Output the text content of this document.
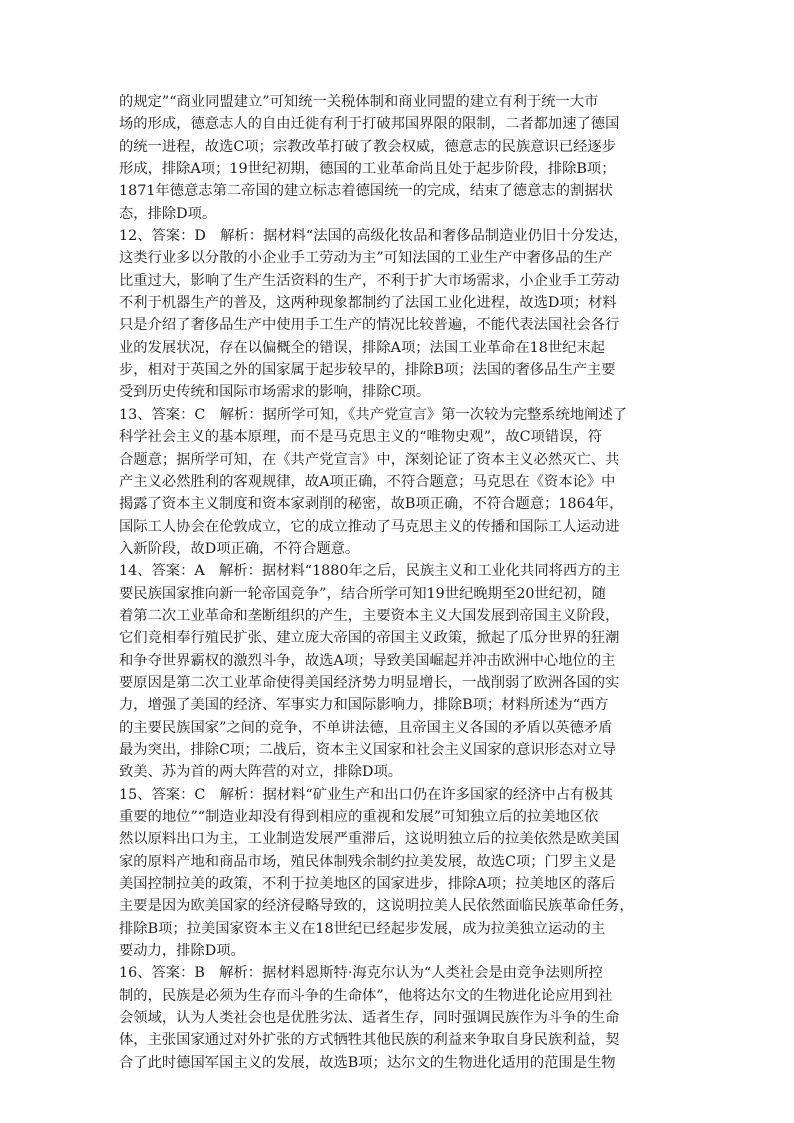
的规定”“商业同盟建立”可知统一关税体制和商业同盟的建立有利于统一大市
场的形成，德意志人的自由迁徙有利于打破邦国界限的限制，二者都加速了德国
的统一进程，故选C项；宗教改革打破了教会权威，德意志的民族意识已经逐步
形成，排除A项；19世纪初期，德国的工业革命尚且处于起步阶段，排除B项；
1871年德意志第二帝国的建立标志着德国统一的完成，结束了德意志的割据状
态，排除D项。
12、答案：D　解析：据材料“法国的高级化妆品和奢侈品制造业仍旧十分发达，
这类行业多以分散的小企业手工劳动为主”可知法国的工业生产中奢侈品的生产
比重过大，影响了生产生活资料的生产，不利于扩大市场需求，小企业手工劳动
不利于机器生产的普及，这两种现象都制约了法国工业化进程，故选D项；材料
只是介绍了奢侈品生产中使用手工生产的情况比较普遍，不能代表法国社会各行
业的发展状况，存在以偏概全的错误，排除A项；法国工业革命在18世纪末起
步，相对于英国之外的国家属于起步较早的，排除B项；法国的奢侈品生产主要
受到历史传统和国际市场需求的影响，排除C项。
13、答案：C　解析：据所学可知，《共产党宣言》第一次较为完整系统地阐述了
科学社会主义的基本原理，而不是马克思主义的“唯物史观”，故C项错误，符
合题意；据所学可知，在《共产党宣言》中，深刻论证了资本主义必然灭亡、共
产主义必然胜利的客观规律，故A项正确，不符合题意；马克思在《资本论》中
揭露了资本主义制度和资本家剥削的秘密，故B项正确，不符合题意；1864年，
国际工人协会在伦敦成立，它的成立推动了马克思主义的传播和国际工人运动进
入新阶段，故D项正确，不符合题意。
14、答案：A　解析：据材料“1880年之后，民族主义和工业化共同将西方的主
要民族国家推向新一轮帝国竞争”，结合所学可知19世纪晚期至20世纪初，随
着第二次工业革命和垄断组织的产生，主要资本主义大国发展到帝国主义阶段，
它们竞相奉行殖民扩张、建立庞大帝国的帝国主义政策，掀起了瓜分世界的狂潮
和争夺世界霸权的激烈斗争，故选A项；导致美国崛起并冲击欧洲中心地位的主
要原因是第二次工业革命使得美国经济势力明显增长，一战削弱了欧洲各国的实
力，增强了美国的经济、军事实力和国际影响力，排除B项；材料所述为“西方
的主要民族国家”之间的竞争，不单讲法德，且帝国主义各国的矛盾以英德矛盾
最为突出，排除C项；二战后，资本主义国家和社会主义国家的意识形态对立导
致美、苏为首的两大阵营的对立，排除D项。
15、答案：C　解析：据材料“矿业生产和出口仍在许多国家的经济中占有极其
重要的地位”“制造业却没有得到相应的重视和发展”可知独立后的拉美地区依
然以原料出口为主，工业制造发展严重滞后，这说明独立后的拉美依然是欧美国
家的原料产地和商品市场，殖民体制残余制约拉美发展，故选C项；门罗主义是
美国控制拉美的政策，不利于拉美地区的国家进步，排除A项；拉美地区的落后
主要是因为欧美国家的经济侵略导致的，这说明拉美人民依然面临民族革命任务，
排除B项；拉美国家资本主义在18世纪已经起步发展，成为拉美独立运动的主
要动力，排除D项。
16、答案：B　解析：据材料恩斯特·海克尔认为“人类社会是由竞争法则所控
制的，民族是必须为生存而斗争的生命体”，他将达尔文的生物进化论应用到社
会领域，认为人类社会也是优胜劣汰、适者生存，同时强调民族作为斗争的生命
体，主张国家通过对外扩张的方式牺牲其他民族的利益来争取自身民族利益，契
合了此时德国军国主义的发展，故选B项；达尔文的生物进化适用的范围是生物
